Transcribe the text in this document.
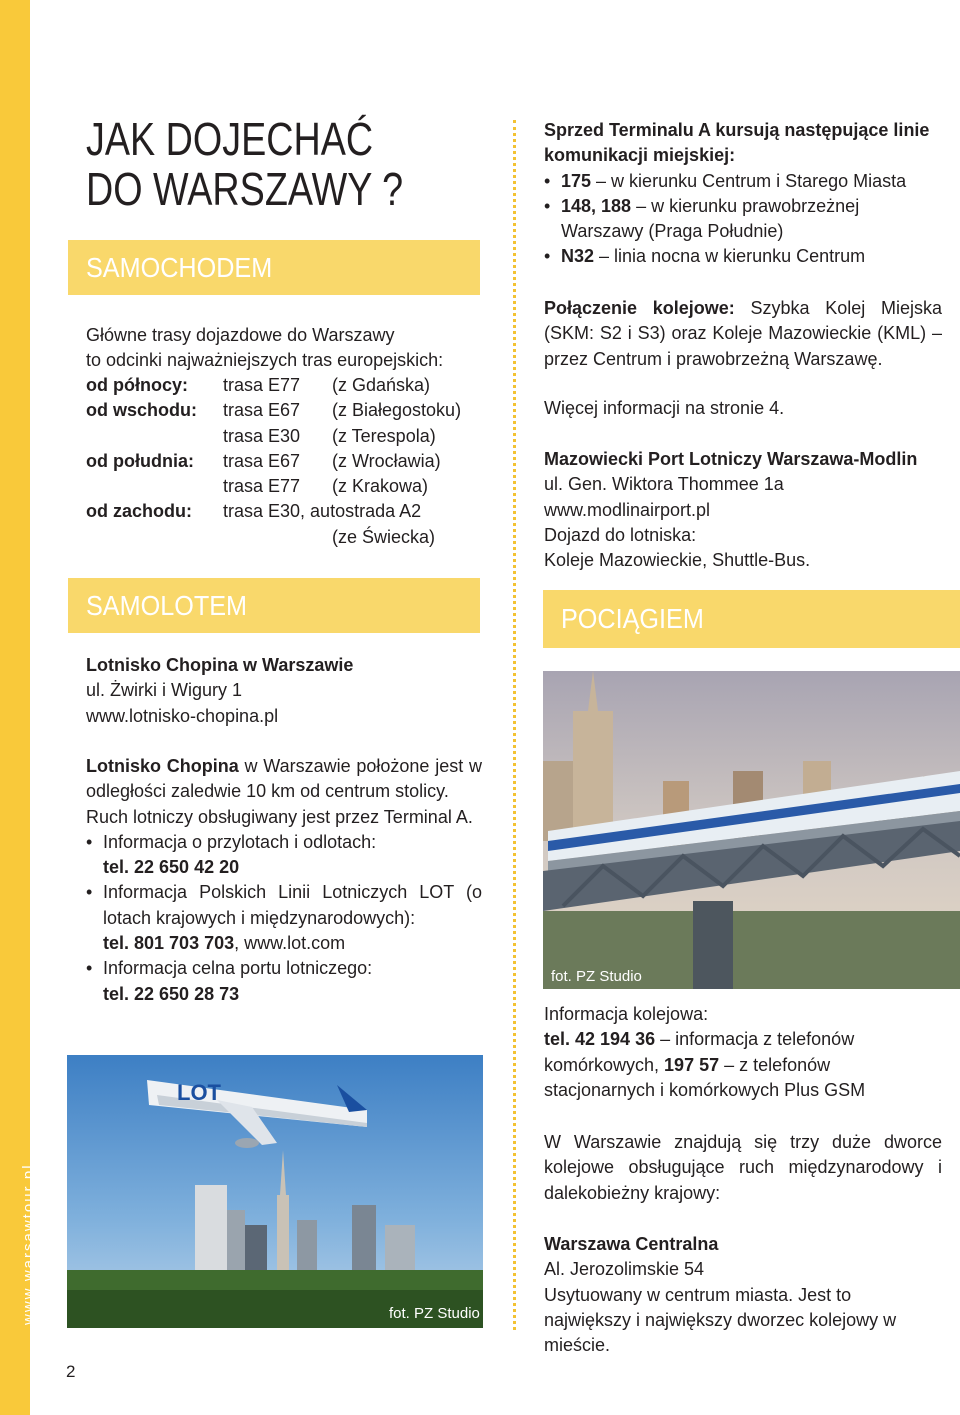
www.warsawtour.pl
2
JAK DOJECHAĆ
DO WARSZAWY ?
SAMOCHODEM

Główne trasy dojazdowe do Warszawy

to odcinki najważniejszych tras europejskich:

od północy: trasa E77 (z Gdańska)
od wschodu: trasa E67 (z Białegostoku)
trasa E30 (z Terespola)
od południa: trasa E67 (z Wrocławia)
trasa E77 (z Krakowa)
od zachodu: trasa E30, autostrada A2
(ze Świecka)
SAMOLOTEM

Lotnisko Chopina w Warszawie

ul. Żwirki i Wigury 1

www.lotnisko-chopina.pl

Lotnisko Chopina w Warszawie położone jest w odległości zaledwie 10 km od centrum stolicy.

Ruch lotniczy obsługiwany jest przez Terminal A.

• Informacja o przylotach i odlotach:

tel. 22 650 42 20

• Informacja Polskich Linii Lotniczych LOT (o lotach krajowych i międzynarodowych):

tel. 801 703 703, www.lot.com

• Informacja celna portu lotniczego:

tel. 22 650 28 73

LOT
fot. PZ Studio

Sprzed Terminalu A kursują następujące linie komunikacji miejskiej:

• 175 – w kierunku Centrum i Starego Miasta
• 148, 188 – w kierunku prawobrzeżnej Warszawy (Praga Południe)
• N32 – linia nocna w kierunku Centrum

Połączenie kolejowe: Szybka Kolej Miejska (SKM: S2 i S3) oraz Koleje Mazowieckie (KML) – przez Centrum i prawobrzeżną Warszawę.

Więcej informacji na stronie 4.

Mazowiecki Port Lotniczy Warszawa-Modlin

ul. Gen. Wiktora Thommee 1a

www.modlinairport.pl

Dojazd do lotniska:

Koleje Mazowieckie, Shuttle-Bus.

POCIĄGIEM
fot. PZ Studio

Informacja kolejowa:

tel. 42 194 36 – informacja z telefonów komórkowych, 197 57 – z telefonów stacjonarnych i komórkowych Plus GSM

W Warszawie znajdują się trzy duże dworce kolejowe obsługujące ruch międzynarodowy i dalekobieżny krajowy:

Warszawa Centralna

Al. Jerozolimskie 54

Usytuowany w centrum miasta. Jest to największy i największy dworzec kolejowy w mieście.
